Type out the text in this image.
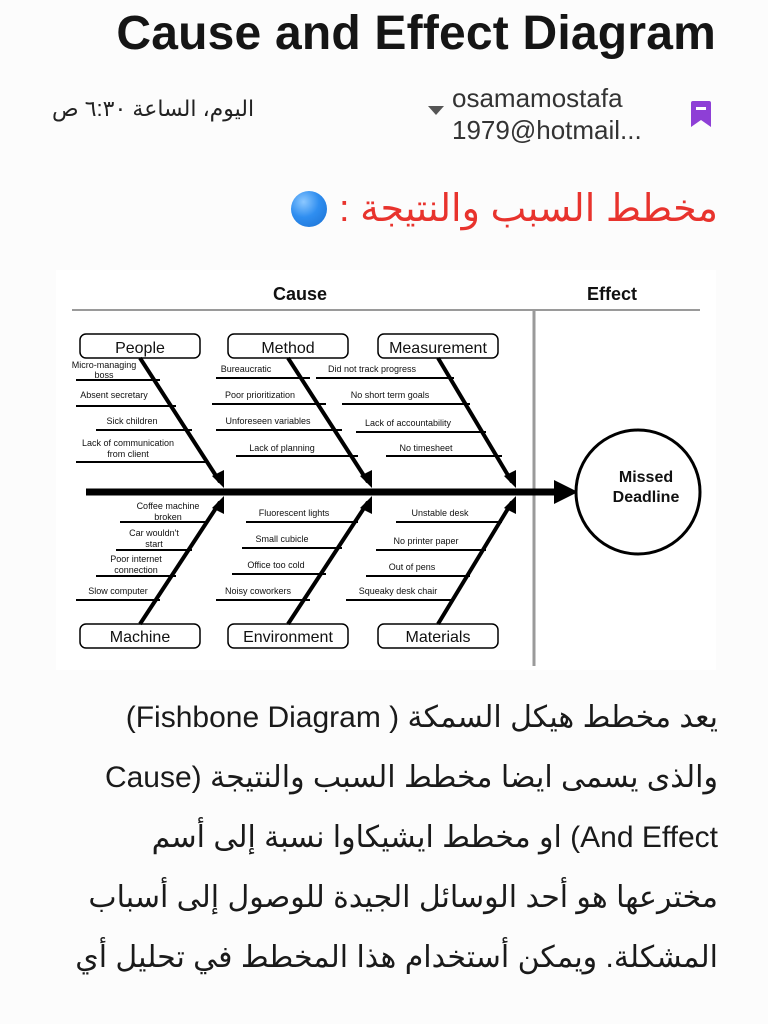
Cause and Effect Diagram
اليوم، الساعة ٦:٣٠ ص	osamamostafa
1979@hotmail...
مخطط السبب والنتيجة :
Cause	Effect
Missed
Deadline
People	Method	Measurement
Machine	Environment	Materials
Micro-managing
boss
Absent secretary
Sick children
Lack of communication
from client
Bureaucratic
Poor prioritization
Unforeseen variables
Lack of planning
Did not track progress
No short term goals
Lack of accountability
No timesheet
Coffee machine
broken
Car wouldn't
start
Poor internet
connection
Slow computer
Fluorescent lights
Small cubicle
Office too cold
Noisy coworkers
Unstable desk
No printer paper
Out of pens
Squeaky desk chair
يعد مخطط هيكل السمكة ( Fishbone Diagram)
والذى يسمى ايضا مخطط السبب والنتيجة (Cause
And Effect) او مخطط ايشيكاوا نسبة إلى أسم
مخترعها هو أحد الوسائل الجيدة للوصول إلى أسباب
المشكلة. ويمكن أستخدام هذا المخطط في تحليل أي
